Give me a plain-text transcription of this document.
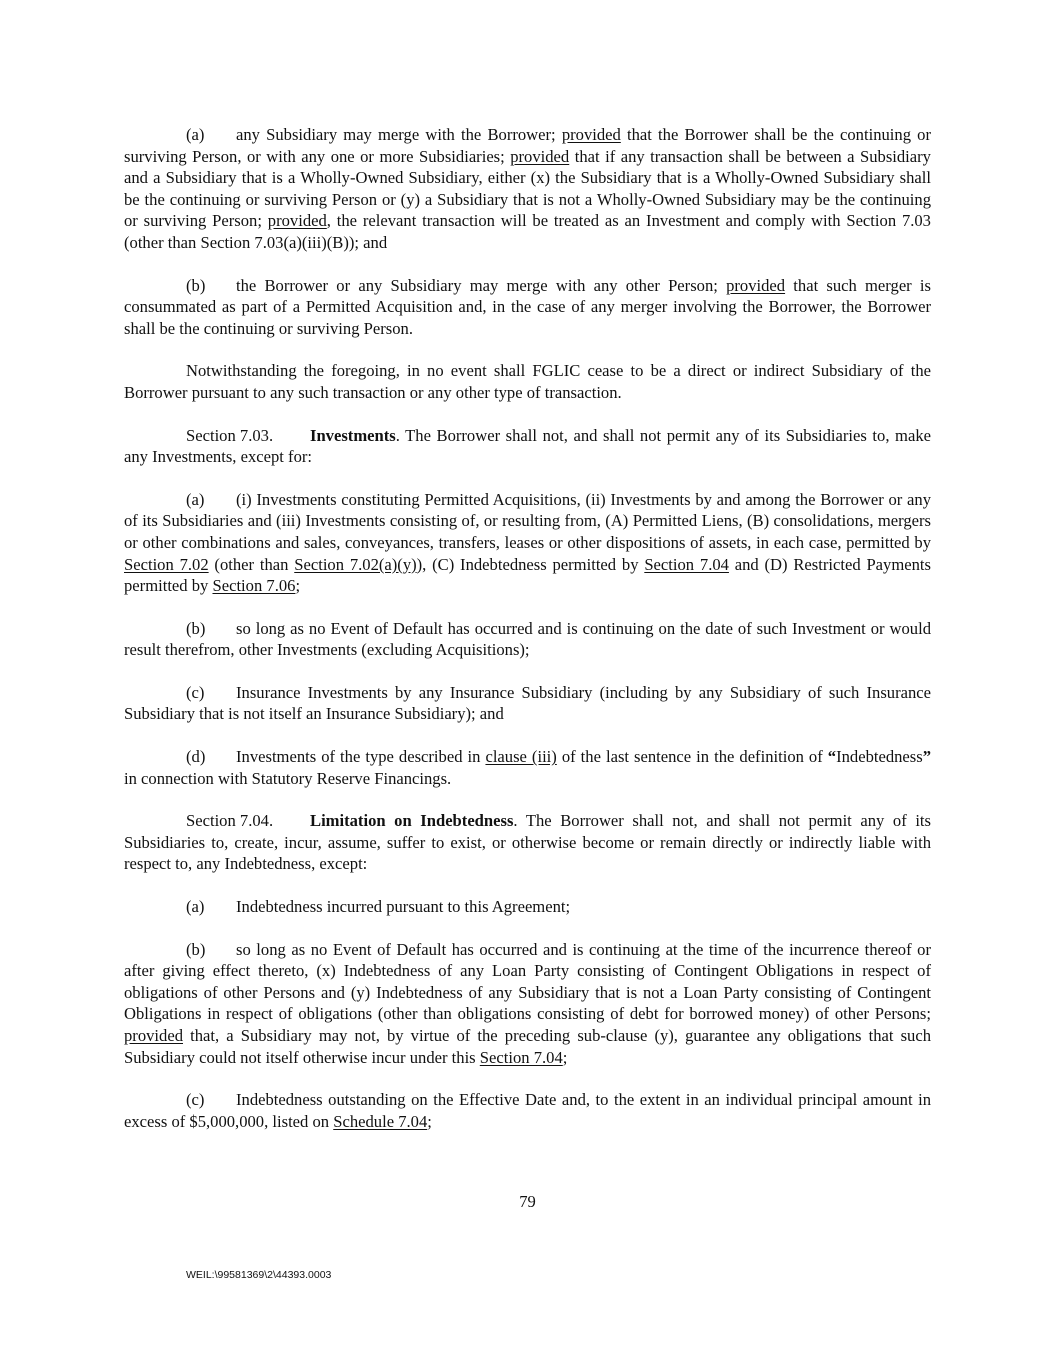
(a) any Subsidiary may merge with the Borrower; provided that the Borrower shall be the continuing or surviving Person, or with any one or more Subsidiaries; provided that if any transaction shall be between a Subsidiary and a Subsidiary that is a Wholly-Owned Subsidiary, either (x) the Subsidiary that is a Wholly-Owned Subsidiary shall be the continuing or surviving Person or (y) a Subsidiary that is not a Wholly-Owned Subsidiary may be the continuing or surviving Person; provided, the relevant transaction will be treated as an Investment and comply with Section 7.03 (other than Section 7.03(a)(iii)(B)); and

(b) the Borrower or any Subsidiary may merge with any other Person; provided that such merger is consummated as part of a Permitted Acquisition and, in the case of any merger involving the Borrower, the Borrower shall be the continuing or surviving Person.

Notwithstanding the foregoing, in no event shall FGLIC cease to be a direct or indirect Subsidiary of the Borrower pursuant to any such transaction or any other type of transaction.

Section 7.03. Investments. The Borrower shall not, and shall not permit any of its Subsidiaries to, make any Investments, except for:

(a) (i) Investments constituting Permitted Acquisitions, (ii) Investments by and among the Borrower or any of its Subsidiaries and (iii) Investments consisting of, or resulting from, (A) Permitted Liens, (B) consolidations, mergers or other combinations and sales, conveyances, transfers, leases or other dispositions of assets, in each case, permitted by Section 7.02 (other than Section 7.02(a)(y)), (C) Indebtedness permitted by Section 7.04 and (D) Restricted Payments permitted by Section 7.06;

(b) so long as no Event of Default has occurred and is continuing on the date of such Investment or would result therefrom, other Investments (excluding Acquisitions);

(c) Insurance Investments by any Insurance Subsidiary (including by any Subsidiary of such Insurance Subsidiary that is not itself an Insurance Subsidiary); and

(d) Investments of the type described in clause (iii) of the last sentence in the definition of “Indebtedness” in connection with Statutory Reserve Financings.

Section 7.04. Limitation on Indebtedness. The Borrower shall not, and shall not permit any of its Subsidiaries to, create, incur, assume, suffer to exist, or otherwise become or remain directly or indirectly liable with respect to, any Indebtedness, except:

(a) Indebtedness incurred pursuant to this Agreement;

(b) so long as no Event of Default has occurred and is continuing at the time of the incurrence thereof or after giving effect thereto, (x) Indebtedness of any Loan Party consisting of Contingent Obligations in respect of obligations of other Persons and (y) Indebtedness of any Subsidiary that is not a Loan Party consisting of Contingent Obligations in respect of obligations (other than obligations consisting of debt for borrowed money) of other Persons; provided that, a Subsidiary may not, by virtue of the preceding sub-clause (y), guarantee any obligations that such Subsidiary could not itself otherwise incur under this Section 7.04;

(c) Indebtedness outstanding on the Effective Date and, to the extent in an individual principal amount in excess of $5,000,000, listed on Schedule 7.04;

79
WEIL:\99581369\2\44393.0003
